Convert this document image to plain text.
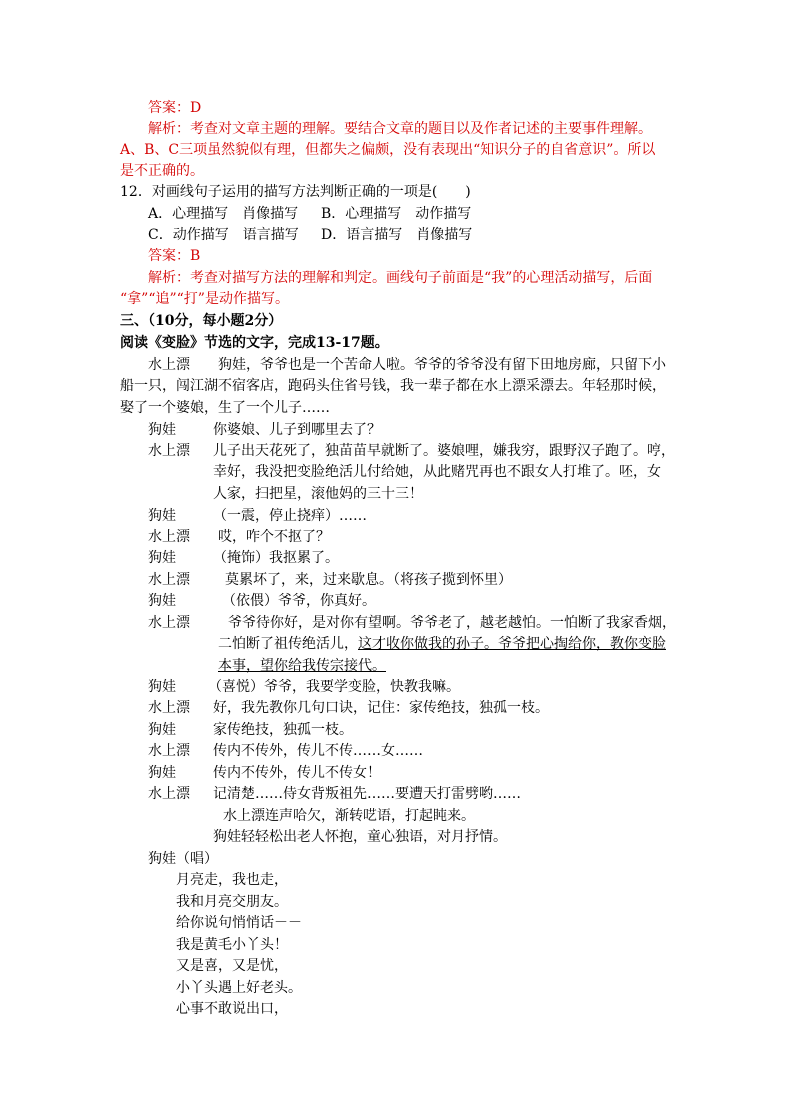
答案：D
解析：考查对文章主题的理解。要结合文章的题目以及作者记述的主要事件理解。
A、B、C三项虽然貌似有理，但都失之偏颇，没有表现出“知识分子的自省意识”。所以
是不正确的。
12．对画线句子运用的描写方法判断正确的一项是(　　)
A．心理描写　肖像描写 B．心理描写　动作描写
C．动作描写　语言描写 D．语言描写　肖像描写
答案：B
解析：考查对描写方法的理解和判定。画线句子前面是“我”的心理活动描写，后面
“拿”“追”“打”是动作描写。
三、（10分，每小题2分）
阅读《变脸》节选的文字，完成13-17题。
水上漂 狗娃，爷爷也是一个苦命人啦。爷爷的爷爷没有留下田地房廊，只留下小
船一只，闯江湖不宿客店，跑码头住省号钱，我一辈子都在水上漂采漂去。年轻那时候，
娶了一个婆娘，生了一个儿子……
狗娃	你婆娘、儿子到哪里去了？
水上漂 儿子出天花死了，独苗苗早就断了。婆娘哩，嫌我穷，跟野汉子跑了。哼，
幸好，我没把变脸绝活儿付给她，从此赌咒再也不跟女人打堆了。呸，女
人家，扫把星，滚他妈的三十三！
狗娃	（一震，停止挠痒）……
水上漂 哎，咋个不抠了？
狗娃	（掩饰）我抠累了。
水上漂	莫累坏了，来，过来歇息。（将孩子揽到怀里）
狗娃	（依偎）爷爷，你真好。
水上漂	爷爷待你好，是对你有望啊。爷爷老了，越老越怕。一怕断了我家香烟，
二怕断了祖传绝活儿，这才收你做我的孙子。爷爷把心掏给你，教你变脸
本事，望你给我传宗接代。
狗娃 （喜悦）爷爷，我要学变脸，快教我嘛。
水上漂 好，我先教你几句口诀，记住：家传绝技，独孤一枝。
狗娃	家传绝技，独孤一枝。
水上漂 传内不传外，传儿不传……女……
狗娃	传内不传外，传儿不传女！
水上漂 记清楚……侍女背叛祖先……要遭天打雷劈哟……
水上漂连声哈欠，渐转呓语，打起盹来。
狗娃轻轻松出老人怀抱，童心独语，对月抒情。
狗娃（唱）
月亮走，我也走，
我和月亮交朋友。
给你说句悄悄话－－
我是黄毛小丫头！
又是喜，又是忧，
小丫头遇上好老头。
心事不敢说出口，
